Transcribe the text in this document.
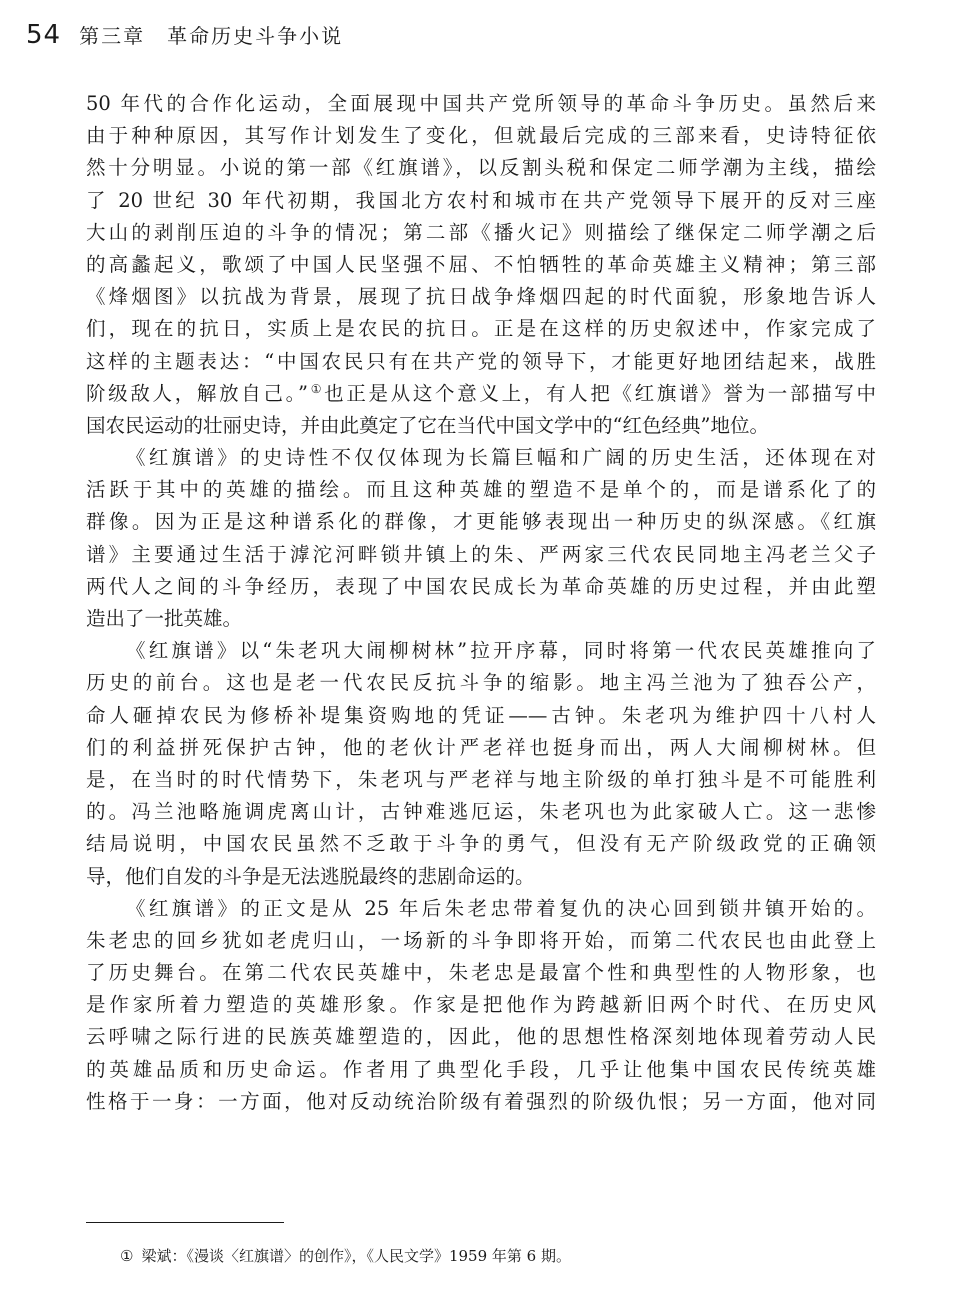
54 第三章 革命历史斗争小说
50 年代的合作化运动，全面展现中国共产党所领导的革命斗争历史。虽然后来
由于种种原因，其写作计划发生了变化，但就最后完成的三部来看，史诗特征依
然十分明显。小说的第一部《红旗谱》，以反割头税和保定二师学潮为主线，描绘
了 20 世纪 30 年代初期，我国北方农村和城市在共产党领导下展开的反对三座
大山的剥削压迫的斗争的情况；第二部《播火记》则描绘了继保定二师学潮之后
的高蠡起义，歌颂了中国人民坚强不屈、不怕牺牲的革命英雄主义精神；第三部
《烽烟图》以抗战为背景，展现了抗日战争烽烟四起的时代面貌，形象地告诉人
们，现在的抗日，实质上是农民的抗日。正是在这样的历史叙述中，作家完成了
这样的主题表达：“中国农民只有在共产党的领导下，才能更好地团结起来，战胜
阶级敌人，解放自己。”①也正是从这个意义上，有人把《红旗谱》誉为一部描写中
国农民运动的壮丽史诗，并由此奠定了它在当代中国文学中的“红色经典”地位。
《红旗谱》的史诗性不仅仅体现为长篇巨幅和广阔的历史生活，还体现在对
活跃于其中的英雄的描绘。而且这种英雄的塑造不是单个的，而是谱系化了的
群像。因为正是这种谱系化的群像，才更能够表现出一种历史的纵深感。《红旗
谱》主要通过生活于滹沱河畔锁井镇上的朱、严两家三代农民同地主冯老兰父子
两代人之间的斗争经历，表现了中国农民成长为革命英雄的历史过程，并由此塑
造出了一批英雄。
《红旗谱》以“朱老巩大闹柳树林”拉开序幕，同时将第一代农民英雄推向了
历史的前台。这也是老一代农民反抗斗争的缩影。地主冯兰池为了独吞公产，
命人砸掉农民为修桥补堤集资购地的凭证——古钟。朱老巩为维护四十八村人
们的利益拼死保护古钟，他的老伙计严老祥也挺身而出，两人大闹柳树林。但
是，在当时的时代情势下，朱老巩与严老祥与地主阶级的单打独斗是不可能胜利
的。冯兰池略施调虎离山计，古钟难逃厄运，朱老巩也为此家破人亡。这一悲惨
结局说明，中国农民虽然不乏敢于斗争的勇气，但没有无产阶级政党的正确领
导，他们自发的斗争是无法逃脱最终的悲剧命运的。
《红旗谱》的正文是从 25 年后朱老忠带着复仇的决心回到锁井镇开始的。
朱老忠的回乡犹如老虎归山，一场新的斗争即将开始，而第二代农民也由此登上
了历史舞台。在第二代农民英雄中，朱老忠是最富个性和典型性的人物形象，也
是作家所着力塑造的英雄形象。作家是把他作为跨越新旧两个时代、在历史风
云呼啸之际行进的民族英雄塑造的，因此，他的思想性格深刻地体现着劳动人民
的英雄品质和历史命运。作者用了典型化手段，几乎让他集中国农民传统英雄
性格于一身：一方面，他对反动统治阶级有着强烈的阶级仇恨；另一方面，他对同
① 梁斌：《漫谈〈红旗谱〉的创作》，《人民文学》1959 年第 6 期。
